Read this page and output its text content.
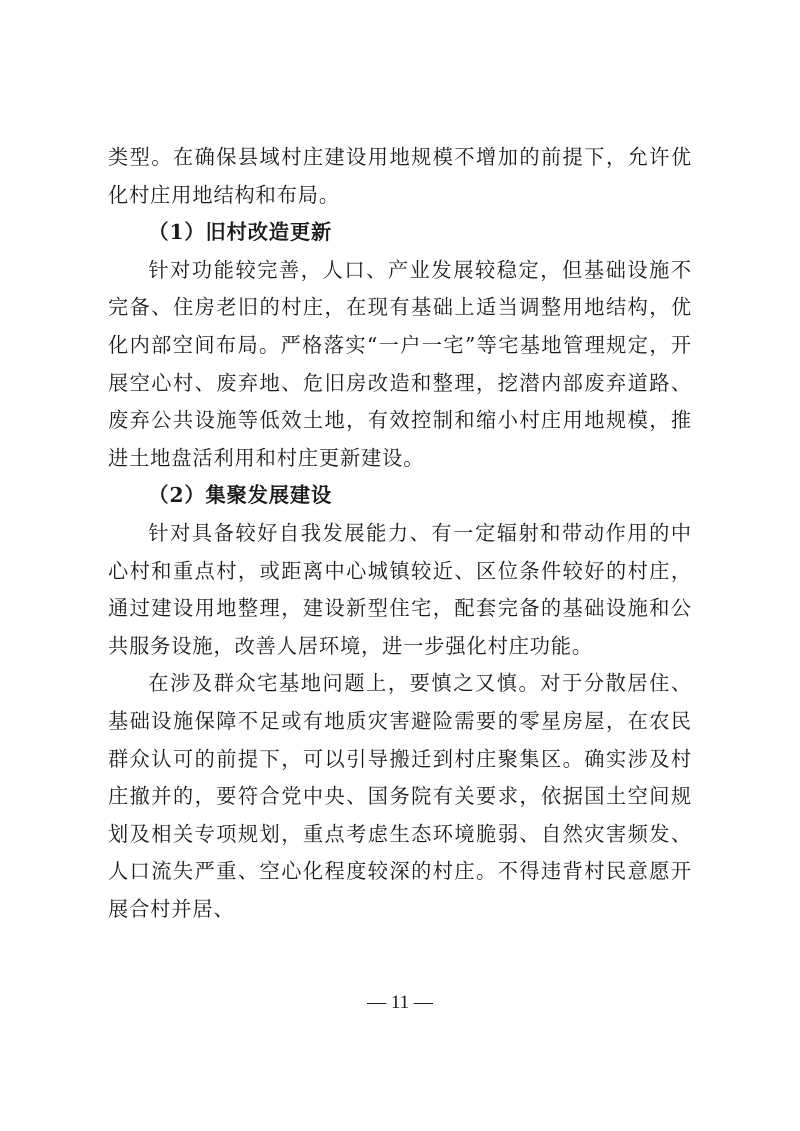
类型。在确保县域村庄建设用地规模不增加的前提下，允许优化村庄用地结构和布局。

（1）旧村改造更新

针对功能较完善，人口、产业发展较稳定，但基础设施不完备、住房老旧的村庄，在现有基础上适当调整用地结构，优化内部空间布局。严格落实“一户一宅”等宅基地管理规定，开展空心村、废弃地、危旧房改造和整理，挖潜内部废弃道路、废弃公共设施等低效土地，有效控制和缩小村庄用地规模，推进土地盘活利用和村庄更新建设。

（2）集聚发展建设

针对具备较好自我发展能力、有一定辐射和带动作用的中心村和重点村，或距离中心城镇较近、区位条件较好的村庄，通过建设用地整理，建设新型住宅，配套完备的基础设施和公共服务设施，改善人居环境，进一步强化村庄功能。

在涉及群众宅基地问题上，要慎之又慎。对于分散居住、基础设施保障不足或有地质灾害避险需要的零星房屋，在农民群众认可的前提下，可以引导搬迁到村庄聚集区。确实涉及村庄撤并的，要符合党中央、国务院有关要求，依据国土空间规划及相关专项规划，重点考虑生态环境脆弱、自然灾害频发、人口流失严重、空心化程度较深的村庄。不得违背村民意愿开展合村并居、

— 11 —
